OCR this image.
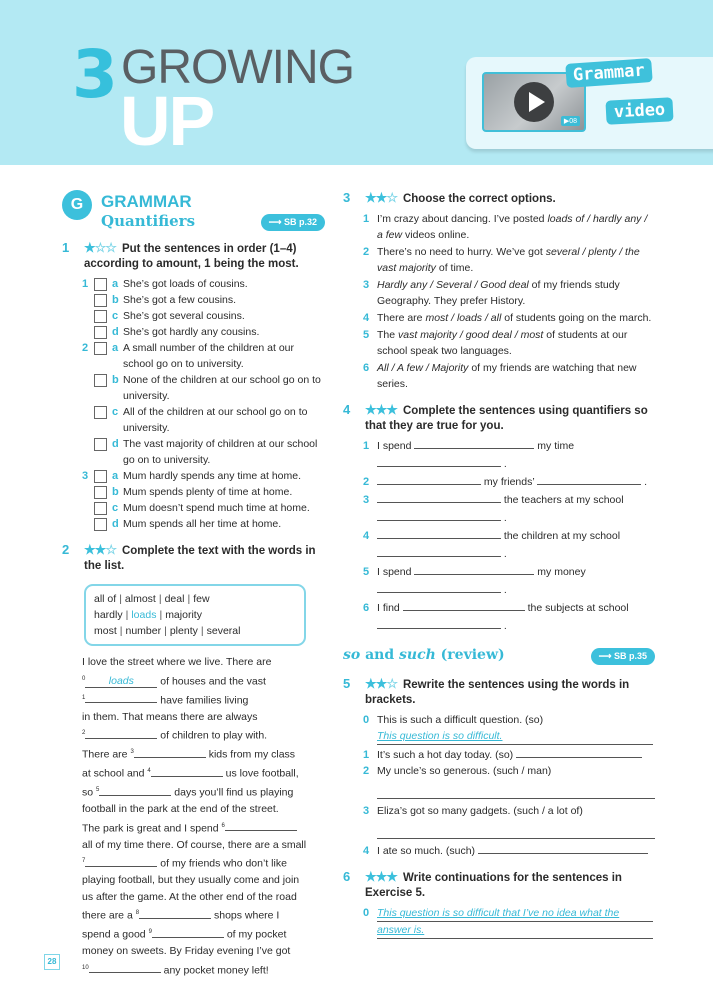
3 GROWING
UP	▶08
Grammar
video
G	GRAMMAR
Quantifiers	⟶ SB p.32
1 ★☆☆ Put the sentences in order (1–4) according to amount, 1 being the most.
1 a She’s got loads of cousins.
b She’s got a few cousins.
c She’s got several cousins.
d She’s got hardly any cousins.
2 a A small number of the children at our school go on to university.
b None of the children at our school go on to university.
c All of the children at our school go on to university.
d The vast majority of children at our school go on to university.
3 a Mum hardly spends any time at home.
b Mum spends plenty of time at home.
c Mum doesn’t spend much time at home.
d Mum spends all her time at home.
2 ★★☆ Complete the text with the words in the list.
all of | almost | deal | few
hardly | loads | majority
most | number | plenty | several
I love the street where we live. There are
$^0$ loads	of houses and the vast
$^1$	have families living
in them. That means there are always
$^2$	of children to play with.
There are $^3$	kids from my class
at school and $^4$	us love football,
so $^5$	days you’ll find us playing
football in the park at the end of the street.
The park is great and I spend $^6$
all of my time there. Of course, there are a small
$^7$	of my friends who don’t like
playing football, but they usually come and join
us after the game. At the other end of the road
there are a $^8$	shops where I
spend a good $^9$	of my pocket
money on sweets. By Friday evening I’ve got
$^{10}$	any pocket money left!
3 ★★☆ Choose the correct options.
1 I’m crazy about dancing. I’ve posted loads of / hardly any / a few videos online.
2 There’s no need to hurry. We’ve got several / plenty / the vast majority of time.
3 Hardly any / Several / Good deal of my friends study Geography. They prefer History.
4 There are most / loads / all of students going on the march.
5 The vast majority / good deal / most of students at our school speak two languages.
6 All / A few / Majority of my friends are watching that new series.
4 ★★★ Complete the sentences using quantifiers so that they are true for you.
1 I spend	my time
.
2	my friends’	.
3	the teachers at my school
.
4	the children at my school
.
5 I spend	my money
.
6 I find	the subjects at school
.
so and such (review)	⟶ SB p.35
5 ★★☆ Rewrite the sentences using the words in brackets.
0 This is such a difficult question. (so)
This question is so difficult.
1 It’s such a hot day today. (so)
2 My uncle’s so generous. (such / man)
3 Eliza’s got so many gadgets. (such / a lot of)
4 I ate so much. (such)
6 ★★★ Write continuations for the sentences in Exercise 5.
0 This question is so difficult that I’ve no idea what the
answer is.
28
